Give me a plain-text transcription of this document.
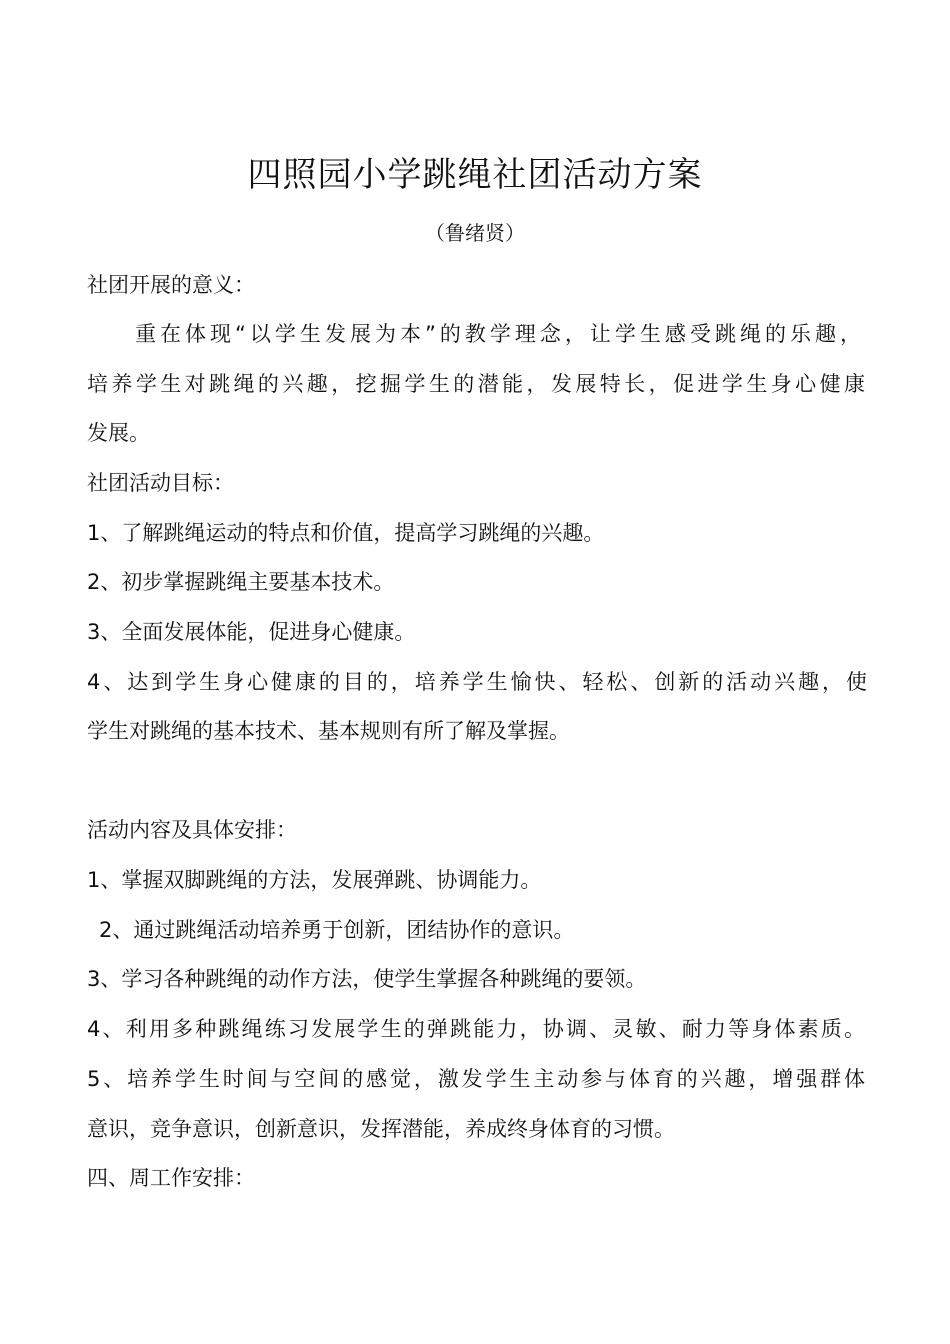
四照园小学跳绳社团活动方案
（鲁绪贤）
社团开展的意义：
重在体现“以学生发展为本”的教学理念，让学生感受跳绳的乐趣，
培养学生对跳绳的兴趣，挖掘学生的潜能，发展特长，促进学生身心健康
发展。
社团活动目标：
1、了解跳绳运动的特点和价值，提高学习跳绳的兴趣。
2、初步掌握跳绳主要基本技术。
3、全面发展体能，促进身心健康。
4、达到学生身心健康的目的，培养学生愉快、轻松、创新的活动兴趣，使
学生对跳绳的基本技术、基本规则有所了解及掌握。
活动内容及具体安排：
1、掌握双脚跳绳的方法，发展弹跳、协调能力。
2、通过跳绳活动培养勇于创新，团结协作的意识。
3、学习各种跳绳的动作方法，使学生掌握各种跳绳的要领。
4、利用多种跳绳练习发展学生的弹跳能力，协调、灵敏、耐力等身体素质。
5、培养学生时间与空间的感觉，激发学生主动参与体育的兴趣，增强群体
意识，竞争意识，创新意识，发挥潜能，养成终身体育的习惯。
四、周工作安排：
